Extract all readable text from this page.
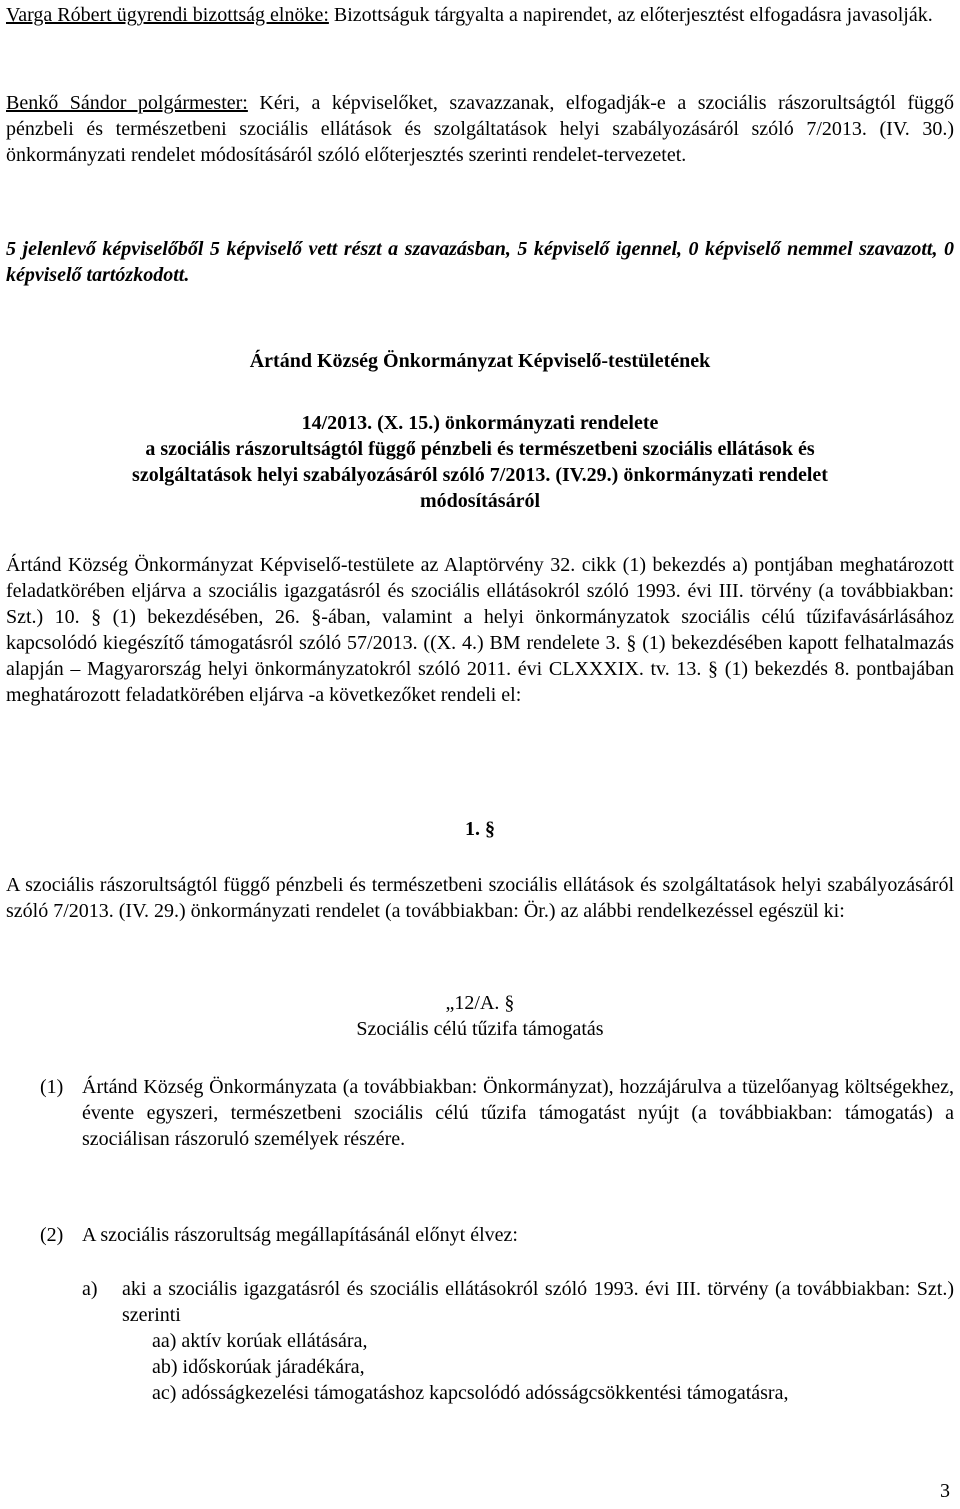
Varga Róbert ügyrendi bizottság elnöke: Bizottságuk tárgyalta a napirendet, az előterjesztést elfogadásra javasolják.

Benkő Sándor polgármester: Kéri, a képviselőket, szavazzanak, elfogadják-e a szociális rászorultságtól függő pénzbeli és természetbeni szociális ellátások és szolgáltatások helyi szabályozásáról szóló 7/2013. (IV. 30.) önkormányzati rendelet módosításáról szóló előterjesztés szerinti rendelet-tervezetet.

5 jelenlevő képviselőből 5 képviselő vett részt a szavazásban, 5 képviselő igennel, 0 képviselő nemmel szavazott, 0 képviselő tartózkodott.

Ártánd Község Önkormányzat Képviselő-testületének

14/2013. (X. 15.) önkormányzati rendelete
a szociális rászorultságtól függő pénzbeli és természetbeni szociális ellátások és
szolgáltatások helyi szabályozásáról szóló 7/2013. (IV.29.) önkormányzati rendelet
módosításáról

Ártánd Község Önkormányzat Képviselő-testülete az Alaptörvény 32. cikk (1) bekezdés a) pontjában meghatározott feladatkörében eljárva a szociális igazgatásról és szociális ellátásokról szóló 1993. évi III. törvény (a továbbiakban: Szt.) 10. § (1) bekezdésében, 26. §-ában, valamint a helyi önkormányzatok szociális célú tűzifavásárlásához kapcsolódó kiegészítő támogatásról szóló 57/2013. ((X. 4.) BM rendelete 3. § (1) bekezdésében kapott felhatalmazás alapján – Magyarország helyi önkormányzatokról szóló 2011. évi CLXXXIX. tv. 13. § (1) bekezdés 8. pontbajában meghatározott feladatkörében eljárva -a következőket rendeli el:

1. §

A szociális rászorultságtól függő pénzbeli és természetbeni szociális ellátások és szolgáltatások helyi szabályozásáról szóló 7/2013. (IV. 29.) önkormányzati rendelet (a továbbiakban: Ör.) az alábbi rendelkezéssel egészül ki:

„12/A. §

Szociális célú tűzifa támogatás

(1) Ártánd Község Önkormányzata (a továbbiakban: Önkormányzat), hozzájárulva a tüzelőanyag költségekhez, évente egyszeri, természetbeni szociális célú tűzifa támogatást nyújt (a továbbiakban: támogatás) a szociálisan rászoruló személyek részére.

(2) A szociális rászorultság megállapításánál előnyt élvez:

a) aki a szociális igazgatásról és szociális ellátásokról szóló 1993. évi III. törvény (a továbbiakban: Szt.) szerinti

aa) aktív korúak ellátására,
ab) időskorúak járadékára,
ac) adósságkezelési támogatáshoz kapcsolódó adósságcsökkentési támogatásra,
3
